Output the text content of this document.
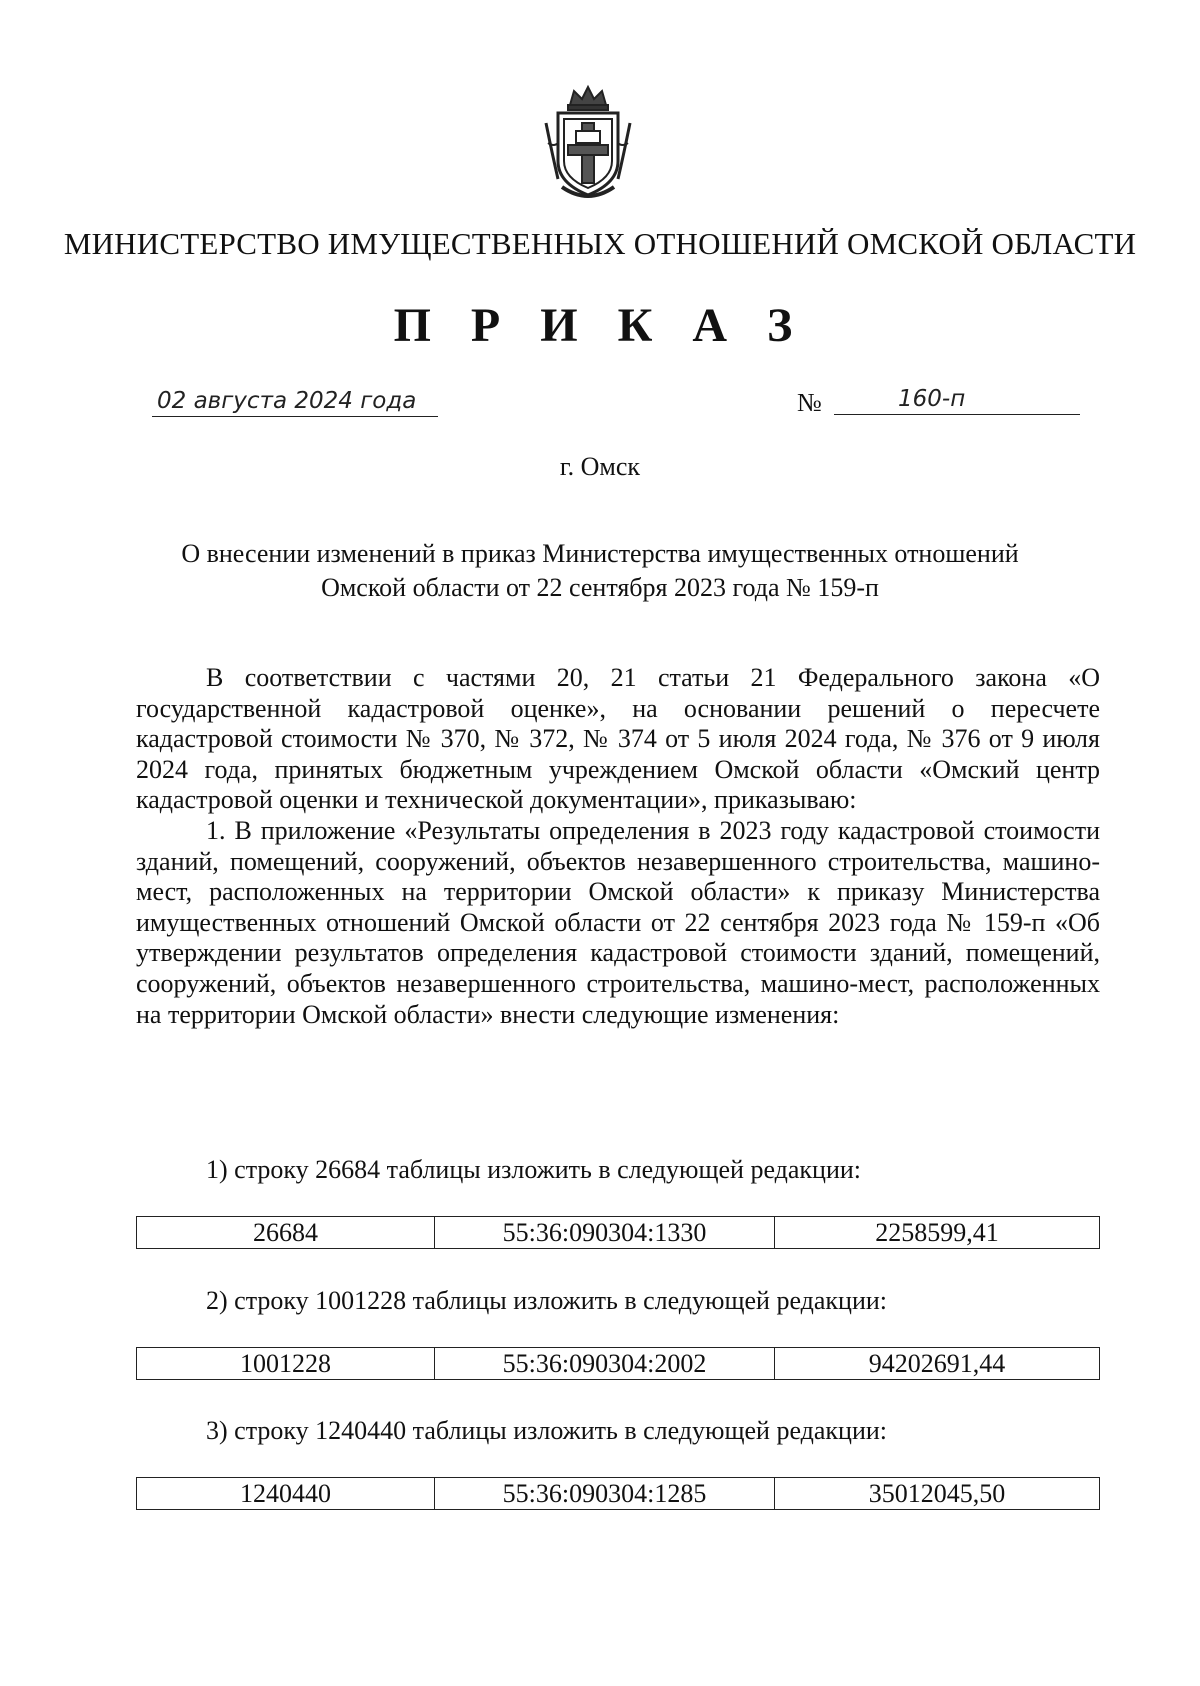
МИНИСТЕРСТВО ИМУЩЕСТВЕННЫХ ОТНОШЕНИЙ ОМСКОЙ ОБЛАСТИ
П Р И К А З
02 августа 2024 года	№	160-п
г. Омск
О внесении изменений в приказ Министерства имущественных отношений
Омской области от 22 сентября 2023 года № 159-п

В соответствии с частями 20, 21 статьи 21 Федерального закона «О государственной кадастровой оценке», на основании решений о пересчете кадастровой стоимости № 370, № 372, № 374 от 5 июля 2024 года, № 376 от 9 июля 2024 года, принятых бюджетным учреждением Омской области «Омский центр кадастровой оценки и технической документации», приказываю:

1. В приложение «Результаты определения в 2023 году кадастровой стоимости зданий, помещений, сооружений, объектов незавершенного строительства, машино-мест, расположенных на территории Омской области» к приказу Министерства имущественных отношений Омской области от 22 сентября 2023 года № 159-п «Об утверждении результатов определения кадастровой стоимости зданий, помещений, сооружений, объектов незавершенного строительства, машино-мест, расположенных на территории Омской области» внести следующие изменения:

1) строку 26684 таблицы изложить в следующей редакции:
26684	55:36:090304:1330	2258599,41
2) строку 1001228 таблицы изложить в следующей редакции:
1001228	55:36:090304:2002	94202691,44
3) строку 1240440 таблицы изложить в следующей редакции:
1240440	55:36:090304:1285	35012045,50
